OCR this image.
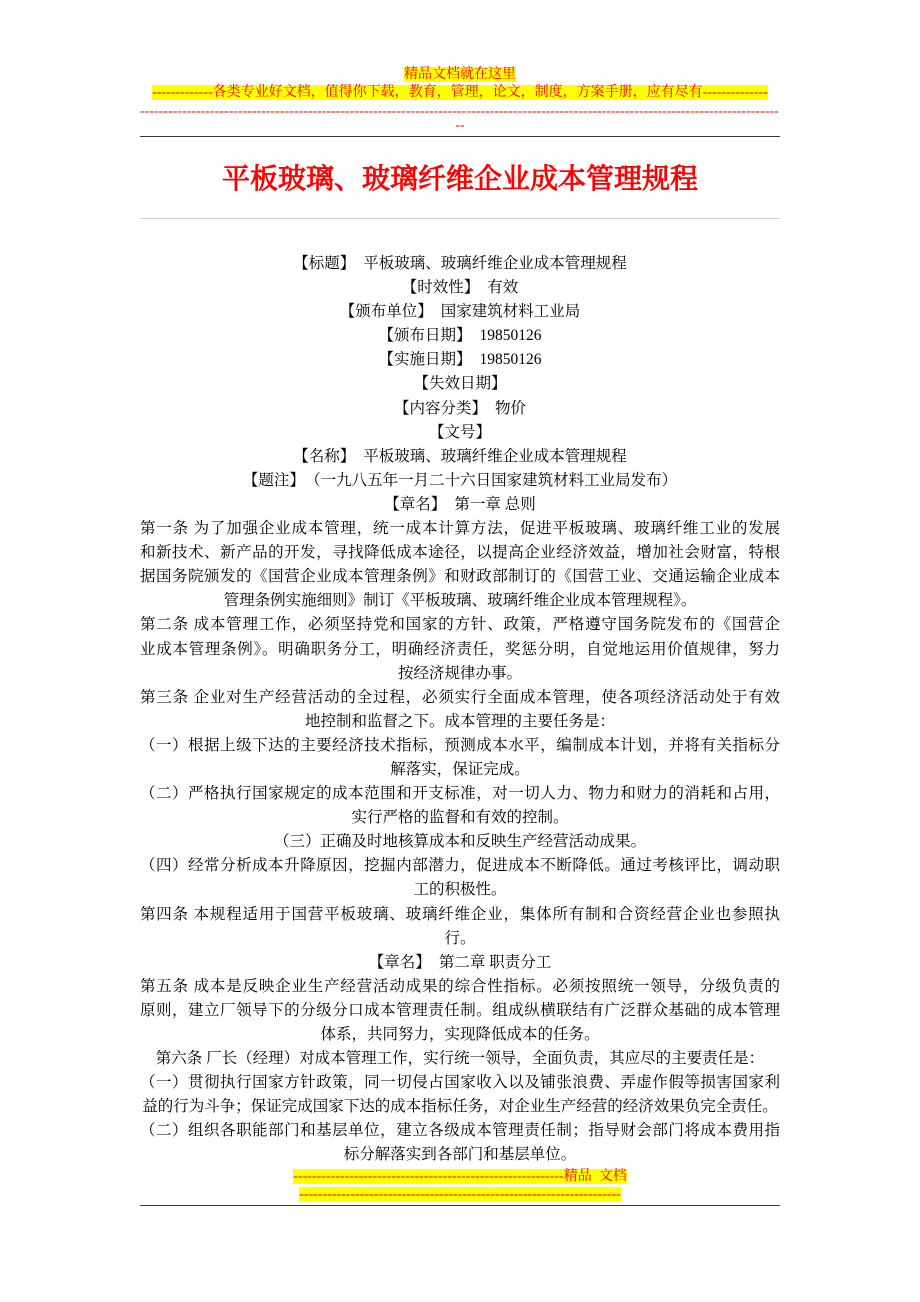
精品文档就在这里
-------------各类专业好文档，值得你下载，教育，管理，论文，制度，方案手册，应有尽有--------------
-----------------------------------------------------------------------------------------------------------------------------------------
--
平板玻璃、玻璃纤维企业成本管理规程
【标题】 平板玻璃、玻璃纤维企业成本管理规程
【时效性】 有效
【颁布单位】 国家建筑材料工业局
【颁布日期】 19850126
【实施日期】 19850126
【失效日期】
【内容分类】 物价
【文号】
【名称】 平板玻璃、玻璃纤维企业成本管理规程
【题注】 （一九八五年一月二十六日国家建筑材料工业局发布）
【章名】 第一章 总则
第一条 为了加强企业成本管理，统一成本计算方法，促进平板玻璃、玻璃纤维工业的发展
和新技术、新产品的开发，寻找降低成本途径，以提高企业经济效益，增加社会财富，特根
据国务院颁发的《国营企业成本管理条例》和财政部制订的《国营工业、交通运输企业成本
管理条例实施细则》制订《平板玻璃、玻璃纤维企业成本管理规程》。
第二条 成本管理工作，必须坚持党和国家的方针、政策，严格遵守国务院发布的《国营企
业成本管理条例》。明确职务分工，明确经济责任，奖惩分明，自觉地运用价值规律，努力
按经济规律办事。
第三条 企业对生产经营活动的全过程，必须实行全面成本管理，使各项经济活动处于有效
地控制和监督之下。成本管理的主要任务是：
（一）根据上级下达的主要经济技术指标，预测成本水平，编制成本计划，并将有关指标分
解落实，保证完成。
（二）严格执行国家规定的成本范围和开支标准，对一切人力、物力和财力的消耗和占用，
实行严格的监督和有效的控制。
（三）正确及时地核算成本和反映生产经营活动成果。
（四）经常分析成本升降原因，挖掘内部潜力，促进成本不断降低。通过考核评比，调动职
工的积极性。
第四条 本规程适用于国营平板玻璃、玻璃纤维企业，集体所有制和合资经营企业也参照执
行。
【章名】 第二章 职责分工
第五条 成本是反映企业生产经营活动成果的综合性指标。必须按照统一领导，分级负责的
原则，建立厂领导下的分级分口成本管理责任制。组成纵横联结有广泛群众基础的成本管理
体系，共同努力，实现降低成本的任务。
第六条 厂长（经理）对成本管理工作，实行统一领导，全面负责，其应尽的主要责任是：
（一）贯彻执行国家方针政策，同一切侵占国家收入以及铺张浪费、弄虚作假等损害国家利
益的行为斗争；保证完成国家下达的成本指标任务，对企业生产经营的经济效果负完全责任。
（二）组织各职能部门和基层单位，建立各级成本管理责任制；指导财会部门将成本费用指
标分解落实到各部门和基层单位。
----------------------------------------------------------精品  文档
---------------------------------------------------------------------
